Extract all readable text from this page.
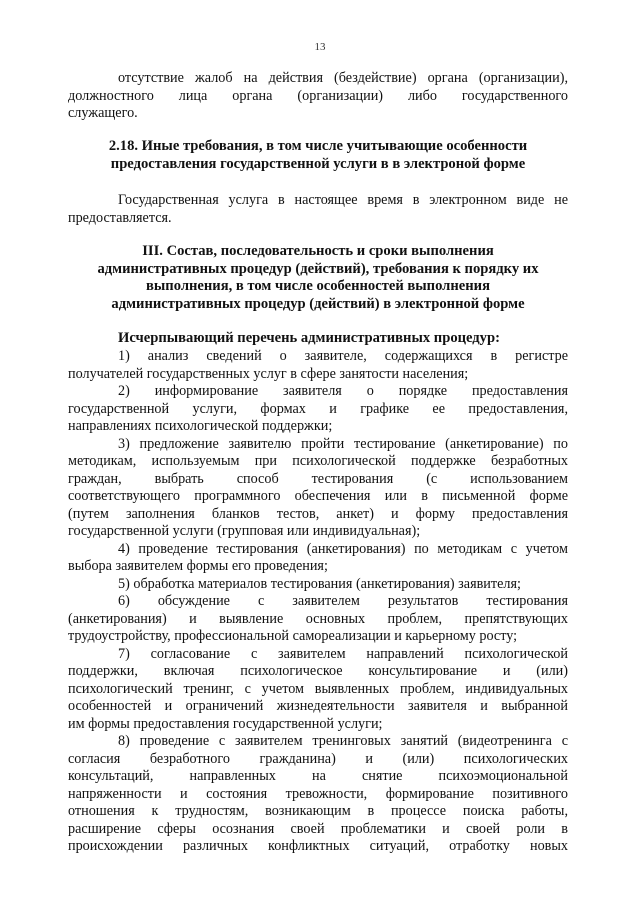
13
отсутствие жалоб на действия (бездействие) органа (организации),
должностного лица органа (организации) либо государственного
служащего.
2.18. Иные требования, в том числе учитывающие особенности
предоставления государственной услуги в в электроной форме
Государственная услуга в настоящее время в электронном виде не
предоставляется.
III. Состав, последовательность и сроки выполнения
административных процедур (действий), требования к порядку их
выполнения, в том числе особенностей выполнения
административных процедур (действий) в электронной форме
Исчерпывающий перечень административных процедур:
1) анализ сведений о заявителе, содержащихся в регистре
получателей государственных услуг в сфере занятости населения;
2) информирование заявителя о порядке предоставления
государственной услуги, формах и графике ее предоставления,
направлениях психологической поддержки;
3) предложение заявителю пройти тестирование (анкетирование) по
методикам, используемым при психологической поддержке безработных
граждан, выбрать способ тестирования (с использованием
соответствующего программного обеспечения или в письменной форме
(путем заполнения бланков тестов, анкет) и форму предоставления
государственной услуги (групповая или индивидуальная);
4) проведение тестирования (анкетирования) по методикам с учетом
выбора заявителем формы его проведения;
5) обработка материалов тестирования (анкетирования) заявителя;
6) обсуждение с заявителем результатов тестирования
(анкетирования) и выявление основных проблем, препятствующих
трудоустройству, профессиональной самореализации и карьерному росту;
7) согласование с заявителем направлений психологической
поддержки, включая психологическое консультирование и (или)
психологический тренинг, с учетом выявленных проблем, индивидуальных
особенностей и ограничений жизнедеятельности заявителя и выбранной
им формы предоставления государственной услуги;
8) проведение с заявителем тренинговых занятий (видеотренинга с
согласия безработного гражданина) и (или) психологических
консультаций, направленных на снятие психоэмоциональной
напряженности и состояния тревожности, формирование позитивного
отношения к трудностям, возникающим в процессе поиска работы,
расширение сферы осознания своей проблематики и своей роли в
происхождении различных конфликтных ситуаций, отработку новых
